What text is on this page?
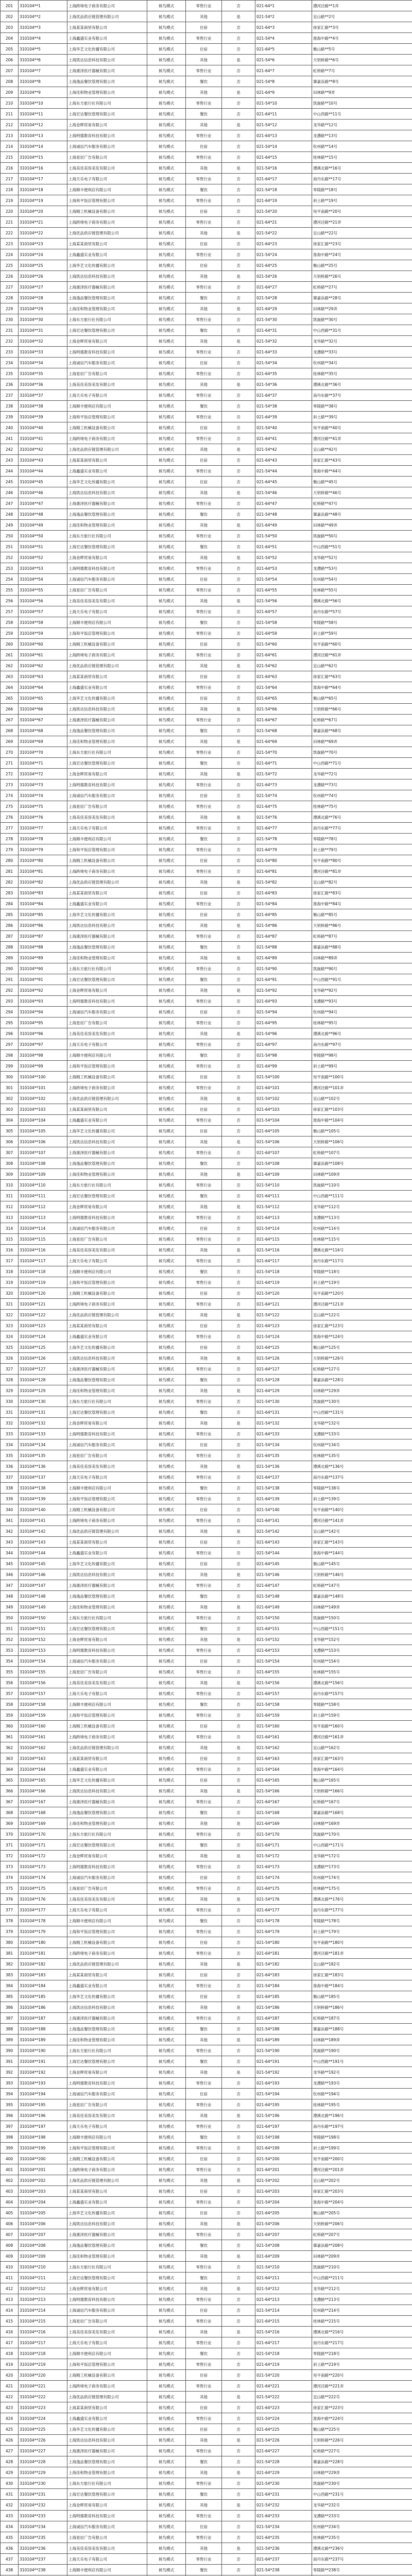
201	310104**1	上海跨境电子商务有限公司	候鸟模式	零售行业	否	021-64*1	漕河泾路**1弄
202	310104**2	上海优品供应链管理有限公司	候鸟模式	其他	是	021-54*2	宜山路**2号
203	310104**3	上海某某商贸有限公司	候鸟模式	住宿	否	021-64*3	徐家汇路**3号
204	310104**4	上海鑫盛实业有限公司	候鸟模式	零售行业	否	021-54*4	淮海中路**4号
205	310104**5	上海华艺文化传播有限公司	候鸟模式	住宿	否	021-64*5	衡山路**5号
206	310104**6	上海凯达信息科技有限公司	候鸟模式	其他	是	021-54*6	天钥桥路**6号
207	310104**7	上海康泽医疗器械有限公司	候鸟模式	零售行业	否	021-64*7	虹桥路**7号
208	310104**8	上海逸品餐饮管理有限公司	候鸟模式	餐饮	否	021-54*8	肇嘉浜路**8号
209	310104**9	上海佳和物业管理有限公司	候鸟模式	其他	是	021-64*9	田林路**9弄
210	310104**10	上海东方旅行社有限公司	候鸟模式	零售行业	否	021-54*10	凯旋路**10号
211	310104**11	上海宏达餐饮管理有限公司	候鸟模式	餐饮	否	021-64*11	中山西路**11号
212	310104**12	上海金辉贸易有限公司	候鸟模式	其他	是	021-54*12	龙华路**12号
213	310104**13	上海明德教育科技有限公司	候鸟模式	零售行业	否	021-64*13	龙漕路**13号
214	310104**14	上海诚信汽车服务有限公司	候鸟模式	住宿	否	021-54*14	钦州路**14号
215	310104**15	上海星辰广告有限公司	候鸟模式	零售行业	否	021-64*15	桂林路**15号
216	310104**16	上海美佳美容美发有限公司	候鸟模式	其他	是	021-54*16	漕溪北路**16号
217	310104**17	上海天乐电子有限公司	候鸟模式	零售行业	否	021-64*17	南丹东路**17号
218	310104**18	上海顺丰便利店有限公司	候鸟模式	餐饮	否	021-54*18	零陵路**18号
219	310104**19	上海和平饭店管理有限公司	候鸟模式	零售行业	否	021-64*19	斜土路**19号
220	310104**20	上海精工机械设备有限公司	候鸟模式	住宿	否	021-54*20	宛平南路**20号
221	310104**21	上海跨境电子商务有限公司	候鸟模式	零售行业	否	021-64*21	漕河泾路**21弄
222	310104**22	上海优品供应链管理有限公司	候鸟模式	其他	是	021-54*22	宜山路**22号
223	310104**23	上海某某商贸有限公司	候鸟模式	住宿	否	021-64*23	徐家汇路**23号
224	310104**24	上海鑫盛实业有限公司	候鸟模式	零售行业	否	021-54*24	淮海中路**24号
225	310104**25	上海华艺文化传播有限公司	候鸟模式	住宿	否	021-64*25	衡山路**25号
226	310104**26	上海凯达信息科技有限公司	候鸟模式	其他	是	021-54*26	天钥桥路**26号
227	310104**27	上海康泽医疗器械有限公司	候鸟模式	零售行业	否	021-64*27	虹桥路**27号
228	310104**28	上海逸品餐饮管理有限公司	候鸟模式	餐饮	否	021-54*28	肇嘉浜路**28号
229	310104**29	上海佳和物业管理有限公司	候鸟模式	其他	是	021-64*29	田林路**29弄
230	310104**30	上海东方旅行社有限公司	候鸟模式	零售行业	否	021-54*30	凯旋路**30号
231	310104**31	上海宏达餐饮管理有限公司	候鸟模式	餐饮	否	021-64*31	中山西路**31号
232	310104**32	上海金辉贸易有限公司	候鸟模式	其他	是	021-54*32	龙华路**32号
233	310104**33	上海明德教育科技有限公司	候鸟模式	零售行业	否	021-64*33	龙漕路**33号
234	310104**34	上海诚信汽车服务有限公司	候鸟模式	住宿	否	021-54*34	钦州路**34号
235	310104**35	上海星辰广告有限公司	候鸟模式	零售行业	否	021-64*35	桂林路**35号
236	310104**36	上海美佳美容美发有限公司	候鸟模式	其他	是	021-54*36	漕溪北路**36号
237	310104**37	上海天乐电子有限公司	候鸟模式	零售行业	否	021-64*37	南丹东路**37号
238	310104**38	上海顺丰便利店有限公司	候鸟模式	餐饮	否	021-54*38	零陵路**38号
239	310104**39	上海和平饭店管理有限公司	候鸟模式	零售行业	否	021-64*39	斜土路**39号
240	310104**40	上海精工机械设备有限公司	候鸟模式	住宿	否	021-54*40	宛平南路**40号
241	310104**41	上海跨境电子商务有限公司	候鸟模式	零售行业	否	021-64*41	漕河泾路**41弄
242	310104**42	上海优品供应链管理有限公司	候鸟模式	其他	是	021-54*42	宜山路**42号
243	310104**43	上海某某商贸有限公司	候鸟模式	住宿	否	021-64*43	徐家汇路**43号
244	310104**44	上海鑫盛实业有限公司	候鸟模式	零售行业	否	021-54*44	淮海中路**44号
245	310104**45	上海华艺文化传播有限公司	候鸟模式	住宿	否	021-64*45	衡山路**45号
246	310104**46	上海凯达信息科技有限公司	候鸟模式	其他	是	021-54*46	天钥桥路**46号
247	310104**47	上海康泽医疗器械有限公司	候鸟模式	零售行业	否	021-64*47	虹桥路**47号
248	310104**48	上海逸品餐饮管理有限公司	候鸟模式	餐饮	否	021-54*48	肇嘉浜路**48号
249	310104**49	上海佳和物业管理有限公司	候鸟模式	其他	是	021-64*49	田林路**49弄
250	310104**50	上海东方旅行社有限公司	候鸟模式	零售行业	否	021-54*50	凯旋路**50号
251	310104**51	上海宏达餐饮管理有限公司	候鸟模式	餐饮	否	021-64*51	中山西路**51号
252	310104**52	上海金辉贸易有限公司	候鸟模式	其他	是	021-54*52	龙华路**52号
253	310104**53	上海明德教育科技有限公司	候鸟模式	零售行业	否	021-64*53	龙漕路**53号
254	310104**54	上海诚信汽车服务有限公司	候鸟模式	住宿	否	021-54*54	钦州路**54号
255	310104**55	上海星辰广告有限公司	候鸟模式	零售行业	否	021-64*55	桂林路**55号
256	310104**56	上海美佳美容美发有限公司	候鸟模式	其他	是	021-54*56	漕溪北路**56号
257	310104**57	上海天乐电子有限公司	候鸟模式	零售行业	否	021-64*57	南丹东路**57号
258	310104**58	上海顺丰便利店有限公司	候鸟模式	餐饮	否	021-54*58	零陵路**58号
259	310104**59	上海和平饭店管理有限公司	候鸟模式	零售行业	否	021-64*59	斜土路**59号
260	310104**60	上海精工机械设备有限公司	候鸟模式	住宿	否	021-54*60	宛平南路**60号
261	310104**61	上海跨境电子商务有限公司	候鸟模式	零售行业	否	021-64*61	漕河泾路**61弄
262	310104**62	上海优品供应链管理有限公司	候鸟模式	其他	是	021-54*62	宜山路**62号
263	310104**63	上海某某商贸有限公司	候鸟模式	住宿	否	021-64*63	徐家汇路**63号
264	310104**64	上海鑫盛实业有限公司	候鸟模式	零售行业	否	021-54*64	淮海中路**64号
265	310104**65	上海华艺文化传播有限公司	候鸟模式	住宿	否	021-64*65	衡山路**65号
266	310104**66	上海凯达信息科技有限公司	候鸟模式	其他	是	021-54*66	天钥桥路**66号
267	310104**67	上海康泽医疗器械有限公司	候鸟模式	零售行业	否	021-64*67	虹桥路**67号
268	310104**68	上海逸品餐饮管理有限公司	候鸟模式	餐饮	否	021-54*68	肇嘉浜路**68号
269	310104**69	上海佳和物业管理有限公司	候鸟模式	其他	是	021-64*69	田林路**69弄
270	310104**70	上海东方旅行社有限公司	候鸟模式	零售行业	否	021-54*70	凯旋路**70号
271	310104**71	上海宏达餐饮管理有限公司	候鸟模式	餐饮	否	021-64*71	中山西路**71号
272	310104**72	上海金辉贸易有限公司	候鸟模式	其他	是	021-54*72	龙华路**72号
273	310104**73	上海明德教育科技有限公司	候鸟模式	零售行业	否	021-64*73	龙漕路**73号
274	310104**74	上海诚信汽车服务有限公司	候鸟模式	住宿	否	021-54*74	钦州路**74号
275	310104**75	上海星辰广告有限公司	候鸟模式	零售行业	否	021-64*75	桂林路**75号
276	310104**76	上海美佳美容美发有限公司	候鸟模式	其他	是	021-54*76	漕溪北路**76号
277	310104**77	上海天乐电子有限公司	候鸟模式	零售行业	否	021-64*77	南丹东路**77号
278	310104**78	上海顺丰便利店有限公司	候鸟模式	餐饮	否	021-54*78	零陵路**78号
279	310104**79	上海和平饭店管理有限公司	候鸟模式	零售行业	否	021-64*79	斜土路**79号
280	310104**80	上海精工机械设备有限公司	候鸟模式	住宿	否	021-54*80	宛平南路**80号
281	310104**81	上海跨境电子商务有限公司	候鸟模式	零售行业	否	021-64*81	漕河泾路**81弄
282	310104**82	上海优品供应链管理有限公司	候鸟模式	其他	是	021-54*82	宜山路**82号
283	310104**83	上海某某商贸有限公司	候鸟模式	住宿	否	021-64*83	徐家汇路**83号
284	310104**84	上海鑫盛实业有限公司	候鸟模式	零售行业	否	021-54*84	淮海中路**84号
285	310104**85	上海华艺文化传播有限公司	候鸟模式	住宿	否	021-64*85	衡山路**85号
286	310104**86	上海凯达信息科技有限公司	候鸟模式	其他	是	021-54*86	天钥桥路**86号
287	310104**87	上海康泽医疗器械有限公司	候鸟模式	零售行业	否	021-64*87	虹桥路**87号
288	310104**88	上海逸品餐饮管理有限公司	候鸟模式	餐饮	否	021-54*88	肇嘉浜路**88号
289	310104**89	上海佳和物业管理有限公司	候鸟模式	其他	是	021-64*89	田林路**89弄
290	310104**90	上海东方旅行社有限公司	候鸟模式	零售行业	否	021-54*90	凯旋路**90号
291	310104**91	上海宏达餐饮管理有限公司	候鸟模式	餐饮	否	021-64*91	中山西路**91号
292	310104**92	上海金辉贸易有限公司	候鸟模式	其他	是	021-54*92	龙华路**92号
293	310104**93	上海明德教育科技有限公司	候鸟模式	零售行业	否	021-64*93	龙漕路**93号
294	310104**94	上海诚信汽车服务有限公司	候鸟模式	住宿	否	021-54*94	钦州路**94号
295	310104**95	上海星辰广告有限公司	候鸟模式	零售行业	否	021-64*95	桂林路**95号
296	310104**96	上海美佳美容美发有限公司	候鸟模式	其他	是	021-54*96	漕溪北路**96号
297	310104**97	上海天乐电子有限公司	候鸟模式	零售行业	否	021-64*97	南丹东路**97号
298	310104**98	上海顺丰便利店有限公司	候鸟模式	餐饮	否	021-54*98	零陵路**98号
299	310104**99	上海和平饭店管理有限公司	候鸟模式	零售行业	否	021-64*99	斜土路**99号
300	310104**100	上海精工机械设备有限公司	候鸟模式	住宿	否	021-54*100	宛平南路**100号
301	310104**101	上海跨境电子商务有限公司	候鸟模式	零售行业	否	021-64*101	漕河泾路**101弄
302	310104**102	上海优品供应链管理有限公司	候鸟模式	其他	是	021-54*102	宜山路**102号
303	310104**103	上海某某商贸有限公司	候鸟模式	住宿	否	021-64*103	徐家汇路**103号
304	310104**104	上海鑫盛实业有限公司	候鸟模式	零售行业	否	021-54*104	淮海中路**104号
305	310104**105	上海华艺文化传播有限公司	候鸟模式	住宿	否	021-64*105	衡山路**105号
306	310104**106	上海凯达信息科技有限公司	候鸟模式	其他	是	021-54*106	天钥桥路**106号
307	310104**107	上海康泽医疗器械有限公司	候鸟模式	零售行业	否	021-64*107	虹桥路**107号
308	310104**108	上海逸品餐饮管理有限公司	候鸟模式	餐饮	否	021-54*108	肇嘉浜路**108号
309	310104**109	上海佳和物业管理有限公司	候鸟模式	其他	是	021-64*109	田林路**109弄
310	310104**110	上海东方旅行社有限公司	候鸟模式	零售行业	否	021-54*110	凯旋路**110号
311	310104**111	上海宏达餐饮管理有限公司	候鸟模式	餐饮	否	021-64*111	中山西路**111号
312	310104**112	上海金辉贸易有限公司	候鸟模式	其他	是	021-54*112	龙华路**112号
313	310104**113	上海明德教育科技有限公司	候鸟模式	零售行业	否	021-64*113	龙漕路**113号
314	310104**114	上海诚信汽车服务有限公司	候鸟模式	住宿	否	021-54*114	钦州路**114号
315	310104**115	上海星辰广告有限公司	候鸟模式	零售行业	否	021-64*115	桂林路**115号
316	310104**116	上海美佳美容美发有限公司	候鸟模式	其他	是	021-54*116	漕溪北路**116号
317	310104**117	上海天乐电子有限公司	候鸟模式	零售行业	否	021-64*117	南丹东路**117号
318	310104**118	上海顺丰便利店有限公司	候鸟模式	餐饮	否	021-54*118	零陵路**118号
319	310104**119	上海和平饭店管理有限公司	候鸟模式	零售行业	否	021-64*119	斜土路**119号
320	310104**120	上海精工机械设备有限公司	候鸟模式	住宿	否	021-54*120	宛平南路**120号
321	310104**121	上海跨境电子商务有限公司	候鸟模式	零售行业	否	021-64*121	漕河泾路**121弄
322	310104**122	上海优品供应链管理有限公司	候鸟模式	其他	是	021-54*122	宜山路**122号
323	310104**123	上海某某商贸有限公司	候鸟模式	住宿	否	021-64*123	徐家汇路**123号
324	310104**124	上海鑫盛实业有限公司	候鸟模式	零售行业	否	021-54*124	淮海中路**124号
325	310104**125	上海华艺文化传播有限公司	候鸟模式	住宿	否	021-64*125	衡山路**125号
326	310104**126	上海凯达信息科技有限公司	候鸟模式	其他	是	021-54*126	天钥桥路**126号
327	310104**127	上海康泽医疗器械有限公司	候鸟模式	零售行业	否	021-64*127	虹桥路**127号
328	310104**128	上海逸品餐饮管理有限公司	候鸟模式	餐饮	否	021-54*128	肇嘉浜路**128号
329	310104**129	上海佳和物业管理有限公司	候鸟模式	其他	是	021-64*129	田林路**129弄
330	310104**130	上海东方旅行社有限公司	候鸟模式	零售行业	否	021-54*130	凯旋路**130号
331	310104**131	上海宏达餐饮管理有限公司	候鸟模式	餐饮	否	021-64*131	中山西路**131号
332	310104**132	上海金辉贸易有限公司	候鸟模式	其他	是	021-54*132	龙华路**132号
333	310104**133	上海明德教育科技有限公司	候鸟模式	零售行业	否	021-64*133	龙漕路**133号
334	310104**134	上海诚信汽车服务有限公司	候鸟模式	住宿	否	021-54*134	钦州路**134号
335	310104**135	上海星辰广告有限公司	候鸟模式	零售行业	否	021-64*135	桂林路**135号
336	310104**136	上海美佳美容美发有限公司	候鸟模式	其他	是	021-54*136	漕溪北路**136号
337	310104**137	上海天乐电子有限公司	候鸟模式	零售行业	否	021-64*137	南丹东路**137号
338	310104**138	上海顺丰便利店有限公司	候鸟模式	餐饮	否	021-54*138	零陵路**138号
339	310104**139	上海和平饭店管理有限公司	候鸟模式	零售行业	否	021-64*139	斜土路**139号
340	310104**140	上海精工机械设备有限公司	候鸟模式	住宿	否	021-54*140	宛平南路**140号
341	310104**141	上海跨境电子商务有限公司	候鸟模式	零售行业	否	021-64*141	漕河泾路**141弄
342	310104**142	上海优品供应链管理有限公司	候鸟模式	其他	是	021-54*142	宜山路**142号
343	310104**143	上海某某商贸有限公司	候鸟模式	住宿	否	021-64*143	徐家汇路**143号
344	310104**144	上海鑫盛实业有限公司	候鸟模式	零售行业	否	021-54*144	淮海中路**144号
345	310104**145	上海华艺文化传播有限公司	候鸟模式	住宿	否	021-64*145	衡山路**145号
346	310104**146	上海凯达信息科技有限公司	候鸟模式	其他	是	021-54*146	天钥桥路**146号
347	310104**147	上海康泽医疗器械有限公司	候鸟模式	零售行业	否	021-64*147	虹桥路**147号
348	310104**148	上海逸品餐饮管理有限公司	候鸟模式	餐饮	否	021-54*148	肇嘉浜路**148号
349	310104**149	上海佳和物业管理有限公司	候鸟模式	其他	是	021-64*149	田林路**149弄
350	310104**150	上海东方旅行社有限公司	候鸟模式	零售行业	否	021-54*150	凯旋路**150号
351	310104**151	上海宏达餐饮管理有限公司	候鸟模式	餐饮	否	021-64*151	中山西路**151号
352	310104**152	上海金辉贸易有限公司	候鸟模式	其他	是	021-54*152	龙华路**152号
353	310104**153	上海明德教育科技有限公司	候鸟模式	零售行业	否	021-64*153	龙漕路**153号
354	310104**154	上海诚信汽车服务有限公司	候鸟模式	住宿	否	021-54*154	钦州路**154号
355	310104**155	上海星辰广告有限公司	候鸟模式	零售行业	否	021-64*155	桂林路**155号
356	310104**156	上海美佳美容美发有限公司	候鸟模式	其他	是	021-54*156	漕溪北路**156号
357	310104**157	上海天乐电子有限公司	候鸟模式	零售行业	否	021-64*157	南丹东路**157号
358	310104**158	上海顺丰便利店有限公司	候鸟模式	餐饮	否	021-54*158	零陵路**158号
359	310104**159	上海和平饭店管理有限公司	候鸟模式	零售行业	否	021-64*159	斜土路**159号
360	310104**160	上海精工机械设备有限公司	候鸟模式	住宿	否	021-54*160	宛平南路**160号
361	310104**161	上海跨境电子商务有限公司	候鸟模式	零售行业	否	021-64*161	漕河泾路**161弄
362	310104**162	上海优品供应链管理有限公司	候鸟模式	其他	是	021-54*162	宜山路**162号
363	310104**163	上海某某商贸有限公司	候鸟模式	住宿	否	021-64*163	徐家汇路**163号
364	310104**164	上海鑫盛实业有限公司	候鸟模式	零售行业	否	021-54*164	淮海中路**164号
365	310104**165	上海华艺文化传播有限公司	候鸟模式	住宿	否	021-64*165	衡山路**165号
366	310104**166	上海凯达信息科技有限公司	候鸟模式	其他	是	021-54*166	天钥桥路**166号
367	310104**167	上海康泽医疗器械有限公司	候鸟模式	零售行业	否	021-64*167	虹桥路**167号
368	310104**168	上海逸品餐饮管理有限公司	候鸟模式	餐饮	否	021-54*168	肇嘉浜路**168号
369	310104**169	上海佳和物业管理有限公司	候鸟模式	其他	是	021-64*169	田林路**169弄
370	310104**170	上海东方旅行社有限公司	候鸟模式	零售行业	否	021-54*170	凯旋路**170号
371	310104**171	上海宏达餐饮管理有限公司	候鸟模式	餐饮	否	021-64*171	中山西路**171号
372	310104**172	上海金辉贸易有限公司	候鸟模式	其他	是	021-54*172	龙华路**172号
373	310104**173	上海明德教育科技有限公司	候鸟模式	零售行业	否	021-64*173	龙漕路**173号
374	310104**174	上海诚信汽车服务有限公司	候鸟模式	住宿	否	021-54*174	钦州路**174号
375	310104**175	上海星辰广告有限公司	候鸟模式	零售行业	否	021-64*175	桂林路**175号
376	310104**176	上海美佳美容美发有限公司	候鸟模式	其他	是	021-54*176	漕溪北路**176号
377	310104**177	上海天乐电子有限公司	候鸟模式	零售行业	否	021-64*177	南丹东路**177号
378	310104**178	上海顺丰便利店有限公司	候鸟模式	餐饮	否	021-54*178	零陵路**178号
379	310104**179	上海和平饭店管理有限公司	候鸟模式	零售行业	否	021-64*179	斜土路**179号
380	310104**180	上海精工机械设备有限公司	候鸟模式	住宿	否	021-54*180	宛平南路**180号
381	310104**181	上海跨境电子商务有限公司	候鸟模式	零售行业	否	021-64*181	漕河泾路**181弄
382	310104**182	上海优品供应链管理有限公司	候鸟模式	其他	是	021-54*182	宜山路**182号
383	310104**183	上海某某商贸有限公司	候鸟模式	住宿	否	021-64*183	徐家汇路**183号
384	310104**184	上海鑫盛实业有限公司	候鸟模式	零售行业	否	021-54*184	淮海中路**184号
385	310104**185	上海华艺文化传播有限公司	候鸟模式	住宿	否	021-64*185	衡山路**185号
386	310104**186	上海凯达信息科技有限公司	候鸟模式	其他	是	021-54*186	天钥桥路**186号
387	310104**187	上海康泽医疗器械有限公司	候鸟模式	零售行业	否	021-64*187	虹桥路**187号
388	310104**188	上海逸品餐饮管理有限公司	候鸟模式	餐饮	否	021-54*188	肇嘉浜路**188号
389	310104**189	上海佳和物业管理有限公司	候鸟模式	其他	是	021-64*189	田林路**189弄
390	310104**190	上海东方旅行社有限公司	候鸟模式	零售行业	否	021-54*190	凯旋路**190号
391	310104**191	上海宏达餐饮管理有限公司	候鸟模式	餐饮	否	021-64*191	中山西路**191号
392	310104**192	上海金辉贸易有限公司	候鸟模式	其他	是	021-54*192	龙华路**192号
393	310104**193	上海明德教育科技有限公司	候鸟模式	零售行业	否	021-64*193	龙漕路**193号
394	310104**194	上海诚信汽车服务有限公司	候鸟模式	住宿	否	021-54*194	钦州路**194号
395	310104**195	上海星辰广告有限公司	候鸟模式	零售行业	否	021-64*195	桂林路**195号
396	310104**196	上海美佳美容美发有限公司	候鸟模式	其他	是	021-54*196	漕溪北路**196号
397	310104**197	上海天乐电子有限公司	候鸟模式	零售行业	否	021-64*197	南丹东路**197号
398	310104**198	上海顺丰便利店有限公司	候鸟模式	餐饮	否	021-54*198	零陵路**198号
399	310104**199	上海和平饭店管理有限公司	候鸟模式	零售行业	否	021-64*199	斜土路**199号
400	310104**200	上海精工机械设备有限公司	候鸟模式	住宿	否	021-54*200	宛平南路**200号
401	310104**201	上海跨境电子商务有限公司	候鸟模式	零售行业	否	021-64*201	漕河泾路**201弄
402	310104**202	上海优品供应链管理有限公司	候鸟模式	其他	是	021-54*202	宜山路**202号
403	310104**203	上海某某商贸有限公司	候鸟模式	住宿	否	021-64*203	徐家汇路**203号
404	310104**204	上海鑫盛实业有限公司	候鸟模式	零售行业	否	021-54*204	淮海中路**204号
405	310104**205	上海华艺文化传播有限公司	候鸟模式	住宿	否	021-64*205	衡山路**205号
406	310104**206	上海凯达信息科技有限公司	候鸟模式	其他	是	021-54*206	天钥桥路**206号
407	310104**207	上海康泽医疗器械有限公司	候鸟模式	零售行业	否	021-64*207	虹桥路**207号
408	310104**208	上海逸品餐饮管理有限公司	候鸟模式	餐饮	否	021-54*208	肇嘉浜路**208号
409	310104**209	上海佳和物业管理有限公司	候鸟模式	其他	是	021-64*209	田林路**209弄
410	310104**210	上海东方旅行社有限公司	候鸟模式	零售行业	否	021-54*210	凯旋路**210号
411	310104**211	上海宏达餐饮管理有限公司	候鸟模式	餐饮	否	021-64*211	中山西路**211号
412	310104**212	上海金辉贸易有限公司	候鸟模式	其他	是	021-54*212	龙华路**212号
413	310104**213	上海明德教育科技有限公司	候鸟模式	零售行业	否	021-64*213	龙漕路**213号
414	310104**214	上海诚信汽车服务有限公司	候鸟模式	住宿	否	021-54*214	钦州路**214号
415	310104**215	上海星辰广告有限公司	候鸟模式	零售行业	否	021-64*215	桂林路**215号
416	310104**216	上海美佳美容美发有限公司	候鸟模式	其他	是	021-54*216	漕溪北路**216号
417	310104**217	上海天乐电子有限公司	候鸟模式	零售行业	否	021-64*217	南丹东路**217号
418	310104**218	上海顺丰便利店有限公司	候鸟模式	餐饮	否	021-54*218	零陵路**218号
419	310104**219	上海和平饭店管理有限公司	候鸟模式	零售行业	否	021-64*219	斜土路**219号
420	310104**220	上海精工机械设备有限公司	候鸟模式	住宿	否	021-54*220	宛平南路**220号
421	310104**221	上海跨境电子商务有限公司	候鸟模式	零售行业	否	021-64*221	漕河泾路**221弄
422	310104**222	上海优品供应链管理有限公司	候鸟模式	其他	是	021-54*222	宜山路**222号
423	310104**223	上海某某商贸有限公司	候鸟模式	住宿	否	021-64*223	徐家汇路**223号
424	310104**224	上海鑫盛实业有限公司	候鸟模式	零售行业	否	021-54*224	淮海中路**224号
425	310104**225	上海华艺文化传播有限公司	候鸟模式	住宿	否	021-64*225	衡山路**225号
426	310104**226	上海凯达信息科技有限公司	候鸟模式	其他	是	021-54*226	天钥桥路**226号
427	310104**227	上海康泽医疗器械有限公司	候鸟模式	零售行业	否	021-64*227	虹桥路**227号
428	310104**228	上海逸品餐饮管理有限公司	候鸟模式	餐饮	否	021-54*228	肇嘉浜路**228号
429	310104**229	上海佳和物业管理有限公司	候鸟模式	其他	是	021-64*229	田林路**229弄
430	310104**230	上海东方旅行社有限公司	候鸟模式	零售行业	否	021-54*230	凯旋路**230号
431	310104**231	上海宏达餐饮管理有限公司	候鸟模式	餐饮	否	021-64*231	中山西路**231号
432	310104**232	上海金辉贸易有限公司	候鸟模式	其他	是	021-54*232	龙华路**232号
433	310104**233	上海明德教育科技有限公司	候鸟模式	零售行业	否	021-64*233	龙漕路**233号
434	310104**234	上海诚信汽车服务有限公司	候鸟模式	住宿	否	021-54*234	钦州路**234号
435	310104**235	上海星辰广告有限公司	候鸟模式	零售行业	否	021-64*235	桂林路**235号
436	310104**236	上海美佳美容美发有限公司	候鸟模式	其他	是	021-54*236	漕溪北路**236号
437	310104**237	上海天乐电子有限公司	候鸟模式	零售行业	否	021-64*237	南丹东路**237号
438	310104**238	上海顺丰便利店有限公司	候鸟模式	餐饮	否	021-54*238	零陵路**238号
